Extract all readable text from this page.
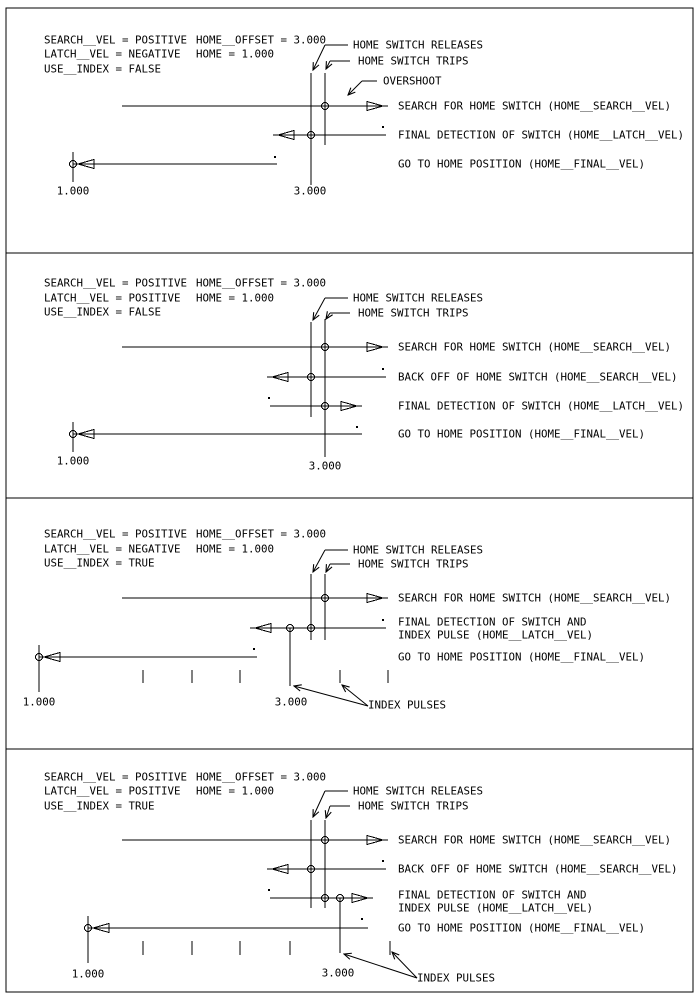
SEARCH__VEL = POSITIVE
LATCH__VEL = NEGATIVE
USE__INDEX = FALSE
HOME__OFFSET = 3.000
HOME = 1.000
HOME SWITCH RELEASES
HOME SWITCH TRIPS
OVERSHOOT
1.000	3.000
SEARCH FOR HOME SWITCH (HOME__SEARCH__VEL)
FINAL DETECTION OF SWITCH (HOME__LATCH__VEL)
GO TO HOME POSITION (HOME__FINAL__VEL)
SEARCH__VEL = POSITIVE
LATCH__VEL = POSITIVE
USE__INDEX = FALSE
HOME__OFFSET = 3.000
HOME = 1.000	HOME SWITCH RELEASES
HOME SWITCH TRIPS
1.000	3.000
SEARCH FOR HOME SWITCH (HOME__SEARCH__VEL)
BACK OFF OF HOME SWITCH (HOME__SEARCH__VEL)
FINAL DETECTION OF SWITCH (HOME__LATCH__VEL)
GO TO HOME POSITION (HOME__FINAL__VEL)
SEARCH__VEL = POSITIVE
LATCH__VEL = NEGATIVE
USE__INDEX = TRUE
HOME__OFFSET = 3.000
HOME = 1.000	HOME SWITCH RELEASES
HOME SWITCH TRIPS
1.000	3.000	INDEX PULSES
SEARCH FOR HOME SWITCH (HOME__SEARCH__VEL)
FINAL DETECTION OF SWITCH AND
INDEX PULSE (HOME__LATCH__VEL)
GO TO HOME POSITION (HOME__FINAL__VEL)
SEARCH__VEL = POSITIVE
LATCH__VEL = POSITIVE
USE__INDEX = TRUE
HOME__OFFSET = 3.000
HOME = 1.000	HOME SWITCH RELEASES
HOME SWITCH TRIPS
1.000	3.000	INDEX PULSES
SEARCH FOR HOME SWITCH (HOME__SEARCH__VEL)
BACK OFF OF HOME SWITCH (HOME__SEARCH__VEL)
FINAL DETECTION OF SWITCH AND
INDEX PULSE (HOME__LATCH__VEL)
GO TO HOME POSITION (HOME__FINAL__VEL)
